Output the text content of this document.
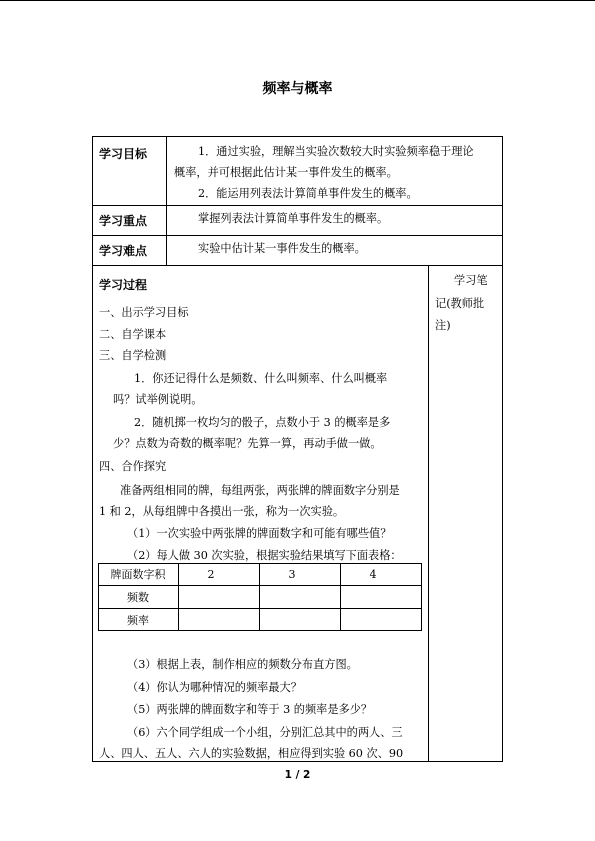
频率与概率
学习目标	1．通过实验，理解当实验次数较大时实验频率稳于理论
概率，并可根据此估计某一事件发生的概率。
2．能运用列表法计算简单事件发生的概率。
学习重点	掌握列表法计算简单事件发生的概率。
学习难点	实验中估计某一事件发生的概率。
学习过程
一、出示学习目标
二、自学课本
三、自学检测
1．你还记得什么是频数、什么叫频率、什么叫概率
吗？试举例说明。
2．随机掷一枚均匀的骰子，点数小于 3 的概率是多
少？点数为奇数的概率呢？先算一算，再动手做一做。
四、合作探究
准备两组相同的牌，每组两张，两张牌的牌面数字分别是
1 和 2，从每组牌中各摸出一张，称为一次实验。
（1）一次实验中两张牌的牌面数字和可能有哪些值？
（2）每人做 30 次实验，根据实验结果填写下面表格：
学习笔
记(教师批
注)
牌面数字积	2	3	4
频数
频率
（3）根据上表，制作相应的频数分布直方图。
（4）你认为哪种情况的频率最大？
（5）两张牌的牌面数字和等于 3 的频率是多少？
（6）六个同学组成一个小组，分别汇总其中的两人、三
人、四人、五人、六人的实验数据，相应得到实验 60 次、90
1 / 2
